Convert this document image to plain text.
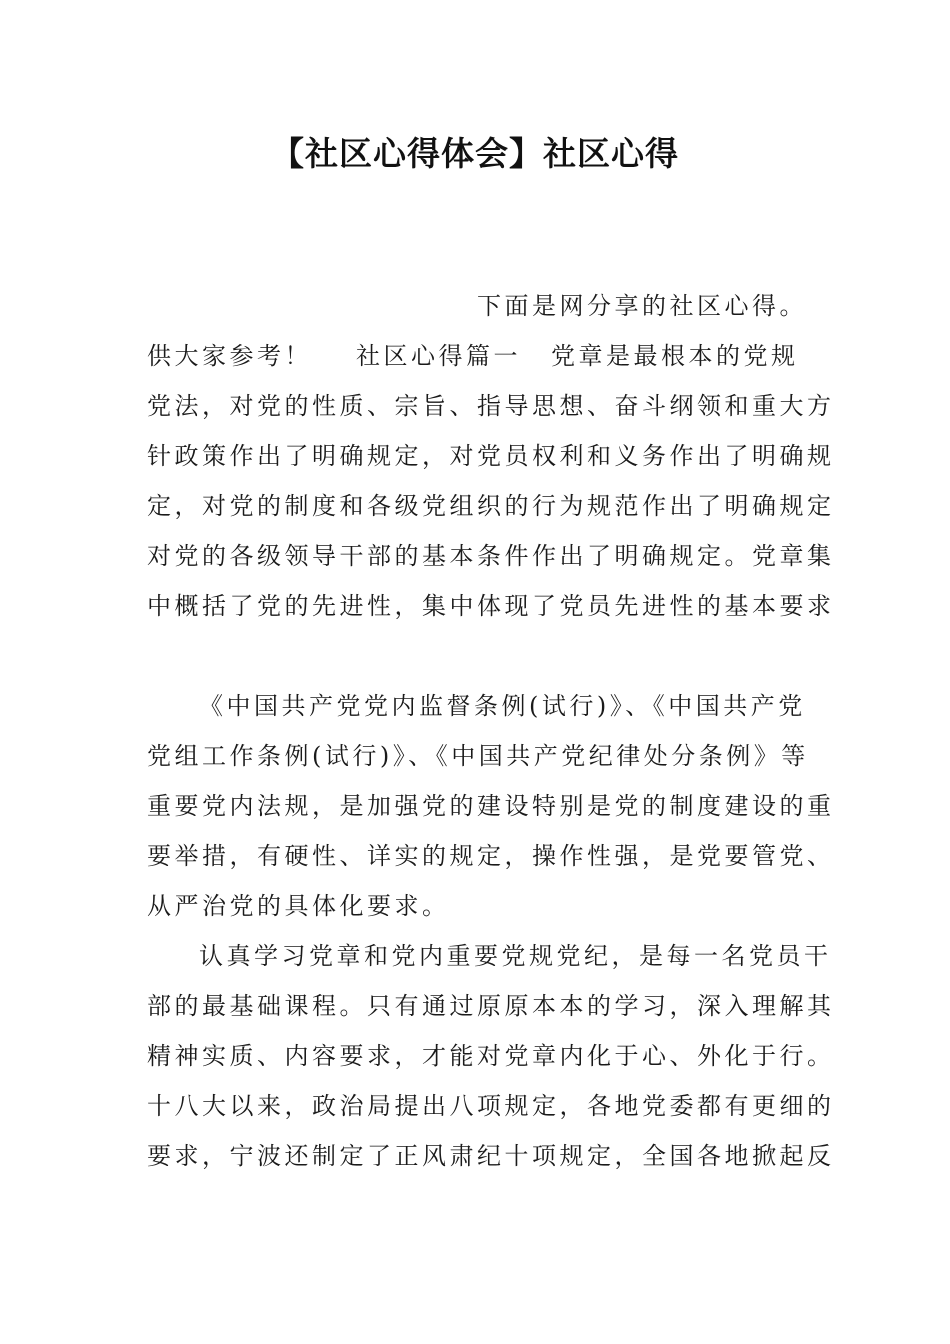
【社区心得体会】社区心得
下面是网分享的社区心得。
供大家参考！ 社区心得篇一 党章是最根本的党规
党法，对党的性质、宗旨、指导思想、奋斗纲领和重大方
针政策作出了明确规定，对党员权利和义务作出了明确规
定，对党的制度和各级党组织的行为规范作出了明确规定
对党的各级领导干部的基本条件作出了明确规定。党章集
中概括了党的先进性，集中体现了党员先进性的基本要求
《中国共产党党内监督条例(试行)》、《中国共产党
党组工作条例(试行)》、《中国共产党纪律处分条例》等
重要党内法规，是加强党的建设特别是党的制度建设的重
要举措，有硬性、详实的规定，操作性强，是党要管党、
从严治党的具体化要求。
认真学习党章和党内重要党规党纪，是每一名党员干
部的最基础课程。只有通过原原本本的学习，深入理解其
精神实质、内容要求，才能对党章内化于心、外化于行。
十八大以来，政治局提出八项规定，各地党委都有更细的
要求，宁波还制定了正风肃纪十项规定，全国各地掀起反
